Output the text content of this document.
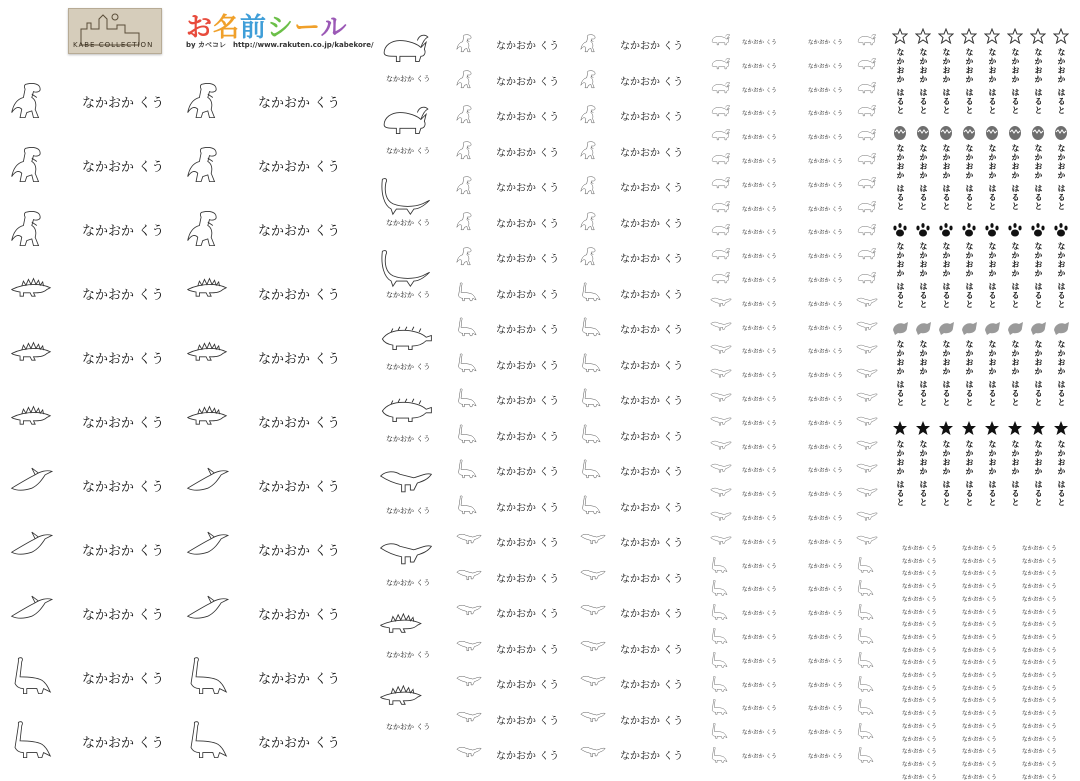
KABE COLLECTION
お名前シール
by カベコレ　http://www.rakuten.co.jp/kabekore/
なかおか くう	なかおか くう
なかおか くう	なかおか くう
なかおか くう	なかおか くう
なかおか くう	なかおか くう
なかおか くう	なかおか くう
なかおか くう	なかおか くう
なかおか くう	なかおか くう
なかおか くう	なかおか くう
なかおか くう	なかおか くう
なかおか くう	なかおか くう
なかおか くう	なかおか くう
なかおか くう
なかおか くう
なかおか くう
なかおか くう
なかおか くう
なかおか くう
なかおか くう
なかおか くう
なかおか くう
なかおか くう
なかおか くう	なかおか くう
なかおか くう	なかおか くう
なかおか くう	なかおか くう
なかおか くう	なかおか くう
なかおか くう	なかおか くう
なかおか くう	なかおか くう
なかおか くう	なかおか くう
なかおか くう	なかおか くう
なかおか くう	なかおか くう
なかおか くう	なかおか くう
なかおか くう	なかおか くう
なかおか くう	なかおか くう
なかおか くう	なかおか くう
なかおか くう	なかおか くう
なかおか くう	なかおか くう
なかおか くう	なかおか くう
なかおか くう	なかおか くう
なかおか くう	なかおか くう
なかおか くう	なかおか くう
なかおか くう	なかおか くう
なかおか くう	なかおか くう
なかおか くう	なかおか くう
なかおか くう	なかおか くう
なかおか くう	なかおか くう
なかおか くう	なかおか くう
なかおか くう	なかおか くう
なかおか くう	なかおか くう
なかおか くう	なかおか くう
なかおか くう	なかおか くう
なかおか くう	なかおか くう
なかおか くう	なかおか くう
なかおか くう	なかおか くう
なかおか くう	なかおか くう
なかおか くう	なかおか くう
なかおか くう	なかおか くう
なかおか くう	なかおか くう
なかおか くう	なかおか くう
なかおか くう	なかおか くう
なかおか くう	なかおか くう
なかおか くう	なかおか くう
なかおか くう	なかおか くう
なかおか くう	なかおか くう
なかおか くう	なかおか くう
なかおか くう	なかおか くう
なかおか くう	なかおか くう
なかおか くう	なかおか くう
なかおか くう	なかおか くう
なかおか くう	なかおか くう
なかおか くう	なかおか くう
なかおか くう	なかおか くう
なかおか くう	なかおか くう
なかおか くう	なかおか くう
なかおか はると なかおか はると なかおか はると なかおか はると なかおか はると なかおか はると なかおか はると なかおか はると
なかおか はると なかおか はると なかおか はると なかおか はると なかおか はると なかおか はると なかおか はると なかおか はると
なかおか はると なかおか はると なかおか はると なかおか はると なかおか はると なかおか はると なかおか はると なかおか はると
なかおか はると なかおか はると なかおか はると なかおか はると なかおか はると なかおか はると なかおか はると なかおか はると
なかおか はると なかおか はると なかおか はると なかおか はると なかおか はると なかおか はると なかおか はると なかおか はると
なかおか くう	なかおか くう	なかおか くう
なかおか くう	なかおか くう	なかおか くう
なかおか くう	なかおか くう	なかおか くう
なかおか くう	なかおか くう	なかおか くう
なかおか くう	なかおか くう	なかおか くう
なかおか くう	なかおか くう	なかおか くう
なかおか くう	なかおか くう	なかおか くう
なかおか くう	なかおか くう	なかおか くう
なかおか くう	なかおか くう	なかおか くう
なかおか くう	なかおか くう	なかおか くう
なかおか くう	なかおか くう	なかおか くう
なかおか くう	なかおか くう	なかおか くう
なかおか くう	なかおか くう	なかおか くう
なかおか くう	なかおか くう	なかおか くう
なかおか くう	なかおか くう	なかおか くう
なかおか くう	なかおか くう	なかおか くう
なかおか くう	なかおか くう	なかおか くう
なかおか くう	なかおか くう	なかおか くう
なかおか くう	なかおか くう	なかおか くう
